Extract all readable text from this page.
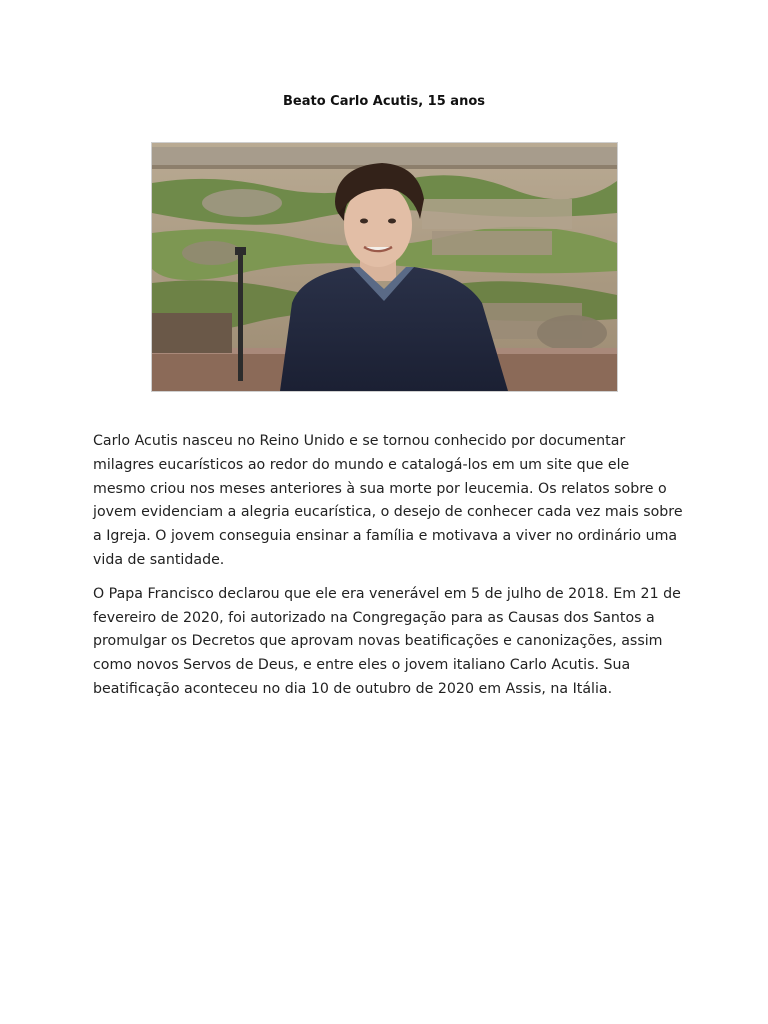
Beato Carlo Acutis, 15 anos

Carlo Acutis nasceu no Reino Unido e se tornou conhecido por documentar milagres eucarísticos ao redor do mundo e catalogá-los em um site que ele mesmo criou nos meses anteriores à sua morte por leucemia. Os relatos sobre o jovem evidenciam a alegria eucarística, o desejo de conhecer cada vez mais sobre a Igreja. O jovem conseguia ensinar a família e motivava a viver no ordinário uma vida de santidade.

O Papa Francisco declarou que ele era venerável em 5 de julho de 2018. Em 21 de fevereiro de 2020, foi autorizado na Congregação para as Causas dos Santos a promulgar os Decretos que aprovam novas beatificações e canonizações, assim como novos Servos de Deus, e entre eles o jovem italiano Carlo Acutis. Sua beatificação aconteceu no dia 10 de outubro de 2020 em Assis, na Itália.
